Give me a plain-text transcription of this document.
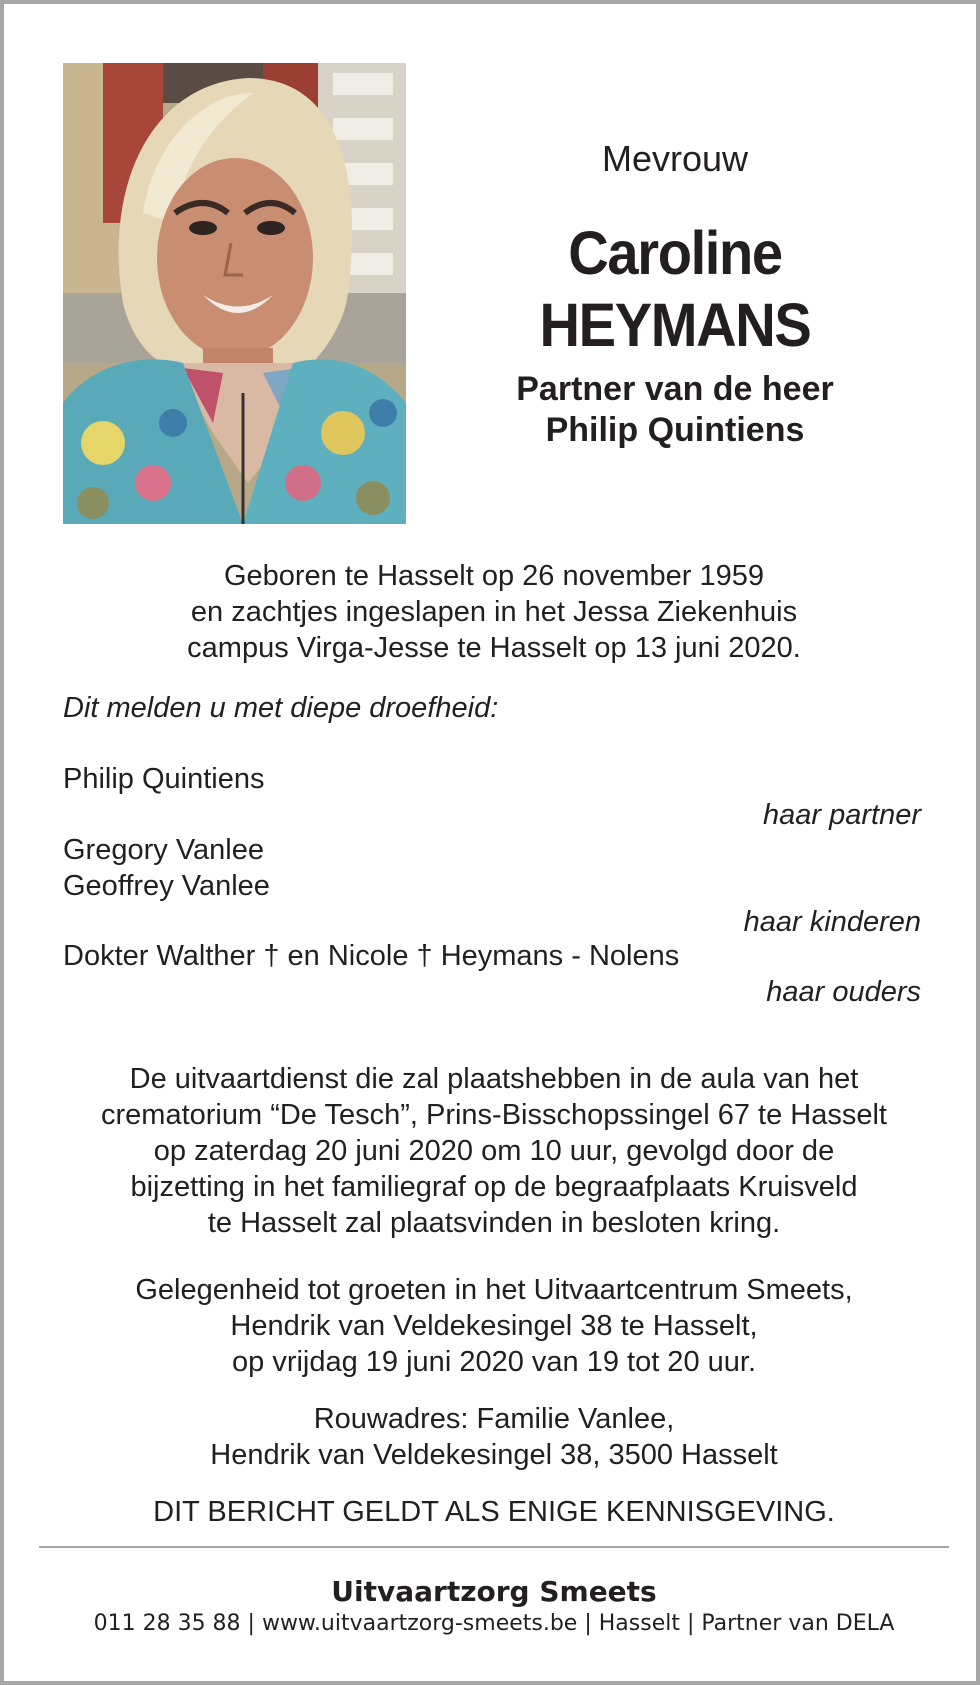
Mevrouw
Caroline HEYMANS
Partner van de heer
Philip Quintiens
Geboren te Hasselt op 26 november 1959
en zachtjes ingeslapen in het Jessa Ziekenhuis
campus Virga-Jesse te Hasselt op 13 juni 2020.
Dit melden u met diepe droefheid:
Philip Quintiens
haar partner
Gregory Vanlee
Geoffrey Vanlee
haar kinderen
Dokter Walther † en Nicole † Heymans - Nolens
haar ouders
De uitvaartdienst die zal plaatshebben in de aula van het
crematorium “De Tesch”, Prins-Bisschopssingel 67 te Hasselt
op zaterdag 20 juni 2020 om 10 uur, gevolgd door de
bijzetting in het familiegraf op de begraafplaats Kruisveld
te Hasselt zal plaatsvinden in besloten kring.
Gelegenheid tot groeten in het Uitvaartcentrum Smeets,
Hendrik van Veldekesingel 38 te Hasselt,
op vrijdag 19 juni 2020 van 19 tot 20 uur.
Rouwadres: Familie Vanlee,
Hendrik van Veldekesingel 38, 3500 Hasselt
DIT BERICHT GELDT ALS ENIGE KENNISGEVING.
Uitvaartzorg Smeets
011 28 35 88 | www.uitvaartzorg-smeets.be | Hasselt | Partner van DELA
